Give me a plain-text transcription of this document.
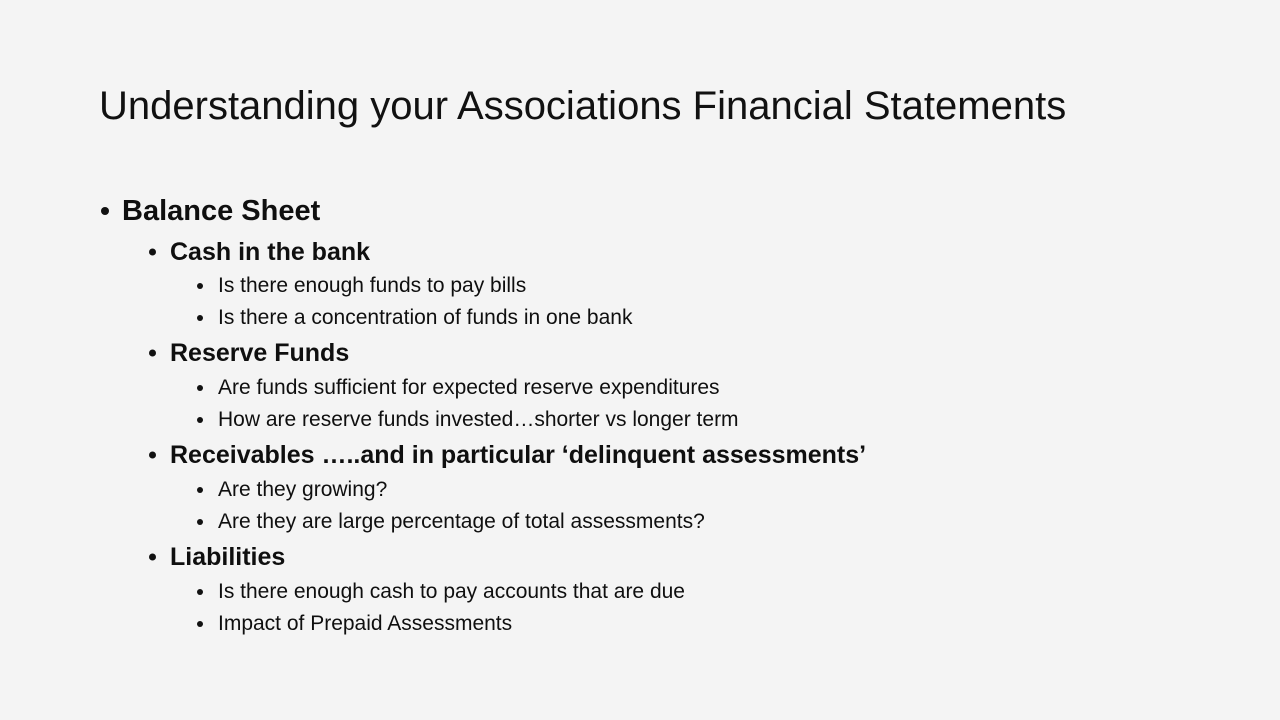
Understanding your Associations Financial Statements
Balance Sheet
Cash in the bank
Is there enough funds to pay bills
Is there a concentration of funds in one bank
Reserve Funds
Are funds sufficient for expected reserve expenditures
How are reserve funds invested…shorter vs longer term
Receivables …..and in particular ‘delinquent assessments’
Are they growing?
Are they are large percentage of total assessments?
Liabilities
Is there enough cash to pay accounts that are due
Impact of Prepaid Assessments
